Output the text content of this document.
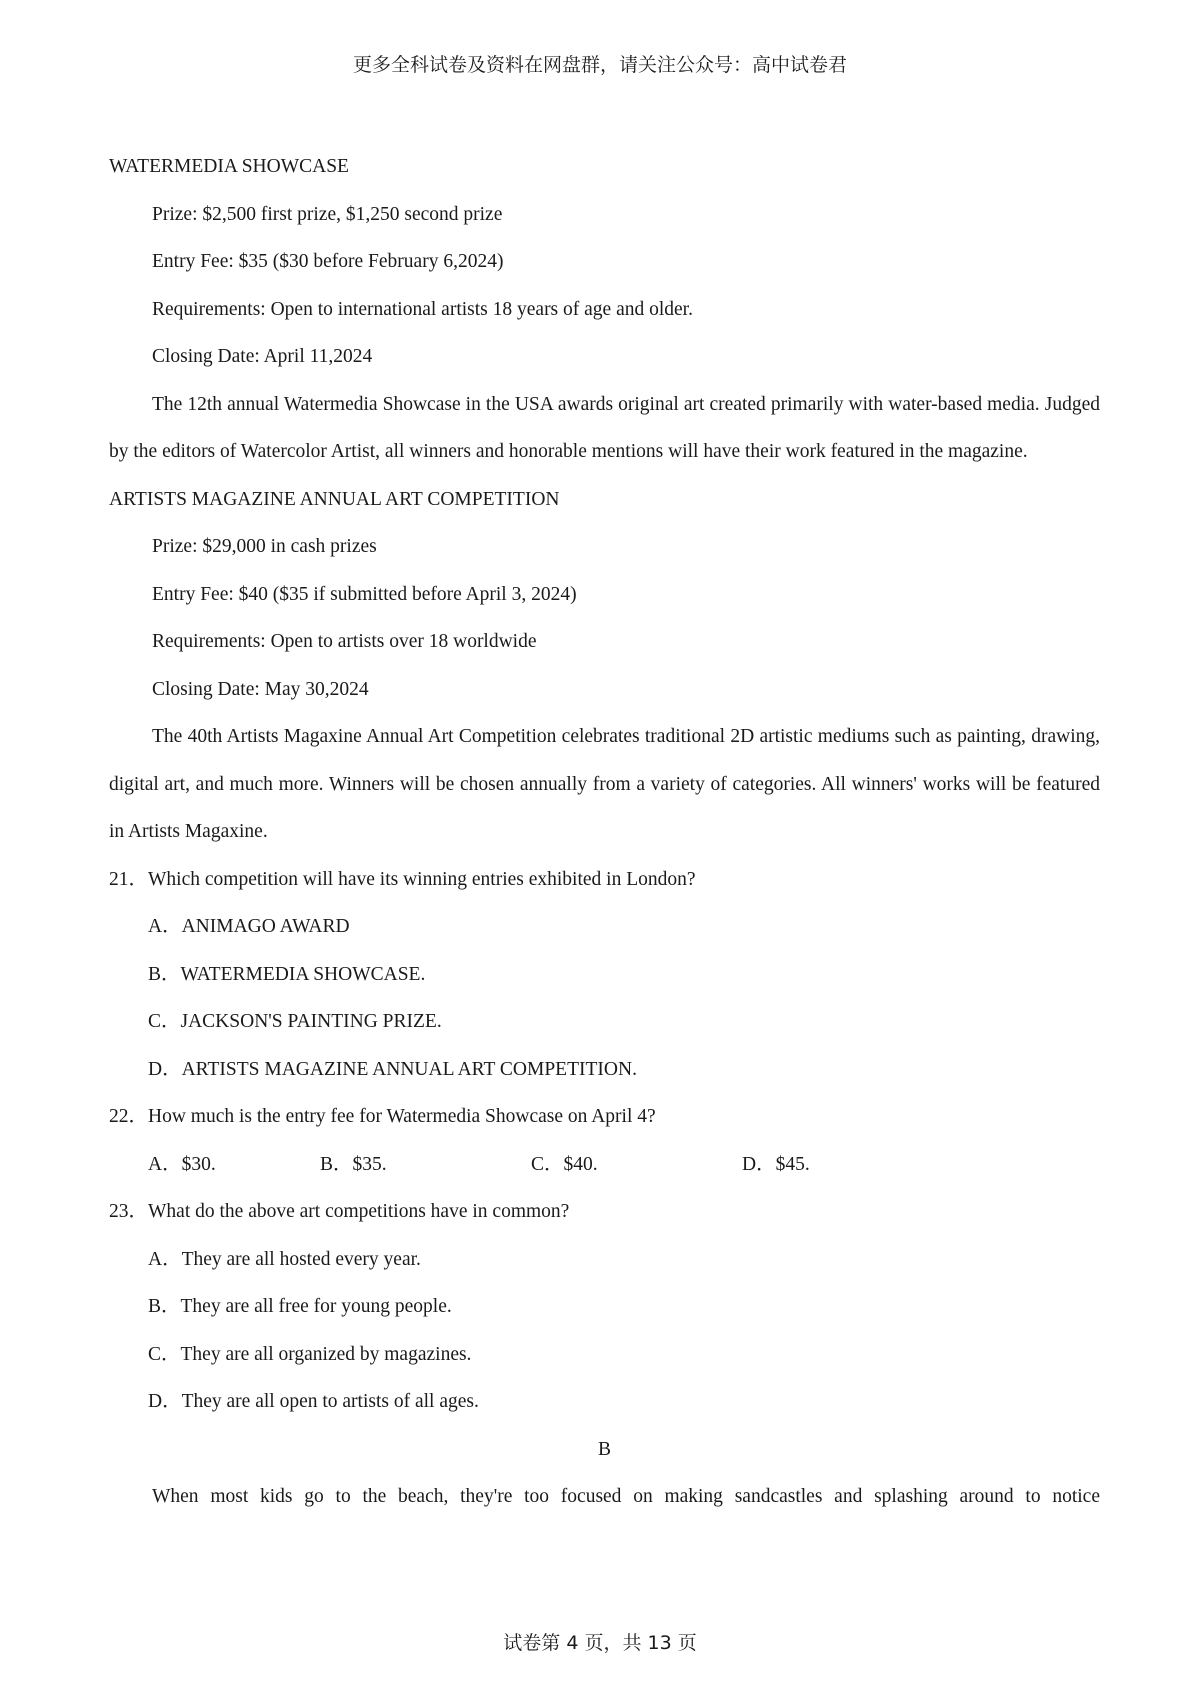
更多全科试卷及资料在网盘群，请关注公众号：高中试卷君
WATERMEDIA SHOWCASE
Prize: $2,500 first prize, $1,250 second prize
Entry Fee: $35 ($30 before February 6,2024)
Requirements: Open to international artists 18 years of age and older.
Closing Date: April 11,2024
The 12th annual Watermedia Showcase in the USA awards original art created primarily with water-based media. Judged by the editors of Watercolor Artist, all winners and honorable mentions will have their work featured in the magazine.
ARTISTS MAGAZINE ANNUAL ART COMPETITION
Prize: $29,000 in cash prizes
Entry Fee: $40 ($35 if submitted before April 3, 2024)
Requirements: Open to artists over 18 worldwide
Closing Date: May 30,2024
The 40th Artists Magaxine Annual Art Competition celebrates traditional 2D artistic mediums such as painting, drawing, digital art, and much more. Winners will be chosen annually from a variety of categories. All winners' works will be featured in Artists Magaxine.
21．Which competition will have its winning entries exhibited in London?
A．ANIMAGO AWARD
B．WATERMEDIA SHOWCASE.
C．JACKSON'S PAINTING PRIZE.
D．ARTISTS MAGAZINE ANNUAL ART COMPETITION.
22．How much is the entry fee for Watermedia Showcase on April 4?
A．$30.	B．$35.	C．$40.	D．$45.
23．What do the above art competitions have in common?
A．They are all hosted every year.
B．They are all free for young people.
C．They are all organized by magazines.
D．They are all open to artists of all ages.
B
When most kids go to the beach, they're too focused on making sandcastles and splashing around to notice
试卷第 4 页，共 13 页
